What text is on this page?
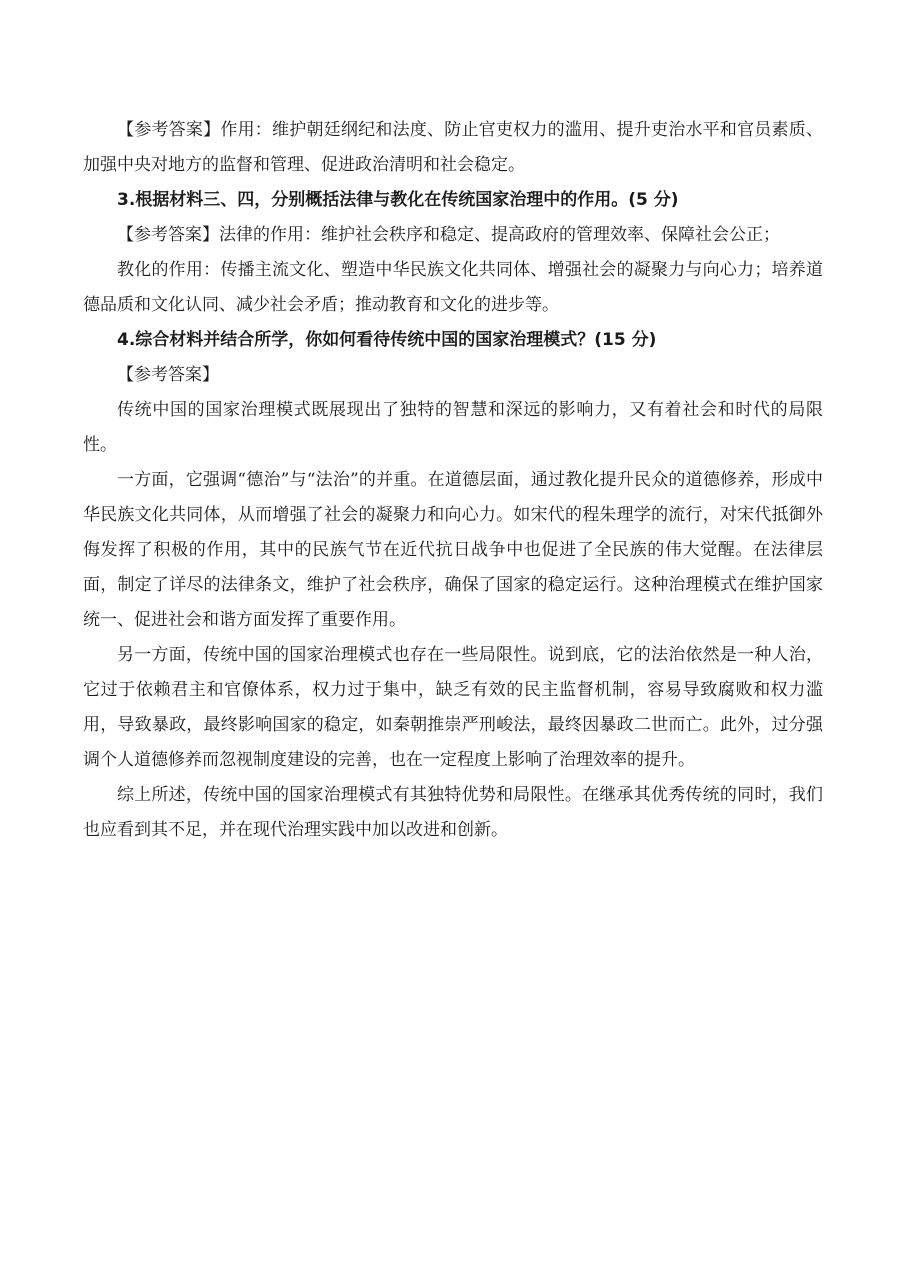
【参考答案】作用：维护朝廷纲纪和法度、防止官吏权力的滥用、提升吏治水平和官员素质、加强中央对地方的监督和管理、促进政治清明和社会稳定。

3.根据材料三、四，分别概括法律与教化在传统国家治理中的作用。(5 分)

【参考答案】法律的作用：维护社会秩序和稳定、提高政府的管理效率、保障社会公正；

教化的作用：传播主流文化、塑造中华民族文化共同体、增强社会的凝聚力与向心力；培养道德品质和文化认同、减少社会矛盾；推动教育和文化的进步等。

4.综合材料并结合所学，你如何看待传统中国的国家治理模式？(15 分)

【参考答案】

传统中国的国家治理模式既展现出了独特的智慧和深远的影响力，又有着社会和时代的局限性。

一方面，它强调“德治”与“法治”的并重。在道德层面，通过教化提升民众的道德修养，形成中华民族文化共同体，从而增强了社会的凝聚力和向心力。如宋代的程朱理学的流行，对宋代抵御外侮发挥了积极的作用，其中的民族气节在近代抗日战争中也促进了全民族的伟大觉醒。在法律层面，制定了详尽的法律条文，维护了社会秩序，确保了国家的稳定运行。这种治理模式在维护国家统一、促进社会和谐方面发挥了重要作用。

另一方面，传统中国的国家治理模式也存在一些局限性。说到底，它的法治依然是一种人治，它过于依赖君主和官僚体系，权力过于集中，缺乏有效的民主监督机制，容易导致腐败和权力滥用，导致暴政，最终影响国家的稳定，如秦朝推崇严刑峻法，最终因暴政二世而亡。此外，过分强调个人道德修养而忽视制度建设的完善，也在一定程度上影响了治理效率的提升。

综上所述，传统中国的国家治理模式有其独特优势和局限性。在继承其优秀传统的同时，我们也应看到其不足，并在现代治理实践中加以改进和创新。
